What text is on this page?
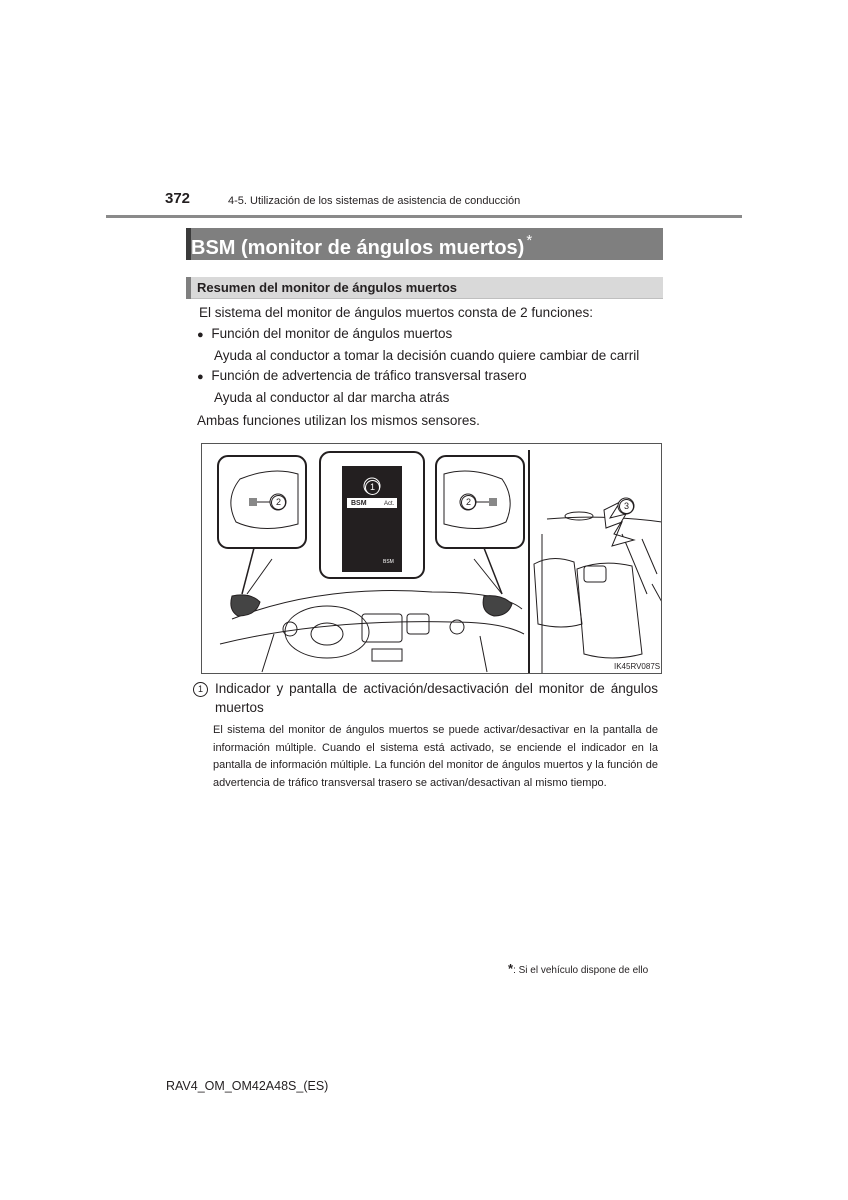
372	4-5. Utilización de los sistemas de asistencia de conducción
BSM (monitor de ángulos muertos) *
Resumen del monitor de ángulos muertos
El sistema del monitor de ángulos muertos consta de 2 funciones:
● Función del monitor de ángulos muertos
Ayuda al conductor a tomar la decisión cuando quiere cambiar de carril
● Función de advertencia de tráfico transversal trasero
Ayuda al conductor al dar marcha atrás
Ambas funciones utilizan los mismos sensores.
1
2	2	3
BSM	Act.
BSM
IK45RV087S
1 Indicador y pantalla de activación/desactivación del monitor de ángulos muertos
El sistema del monitor de ángulos muertos se puede activar/desactivar en la pantalla de información múltiple. Cuando el sistema está activado, se enciende el indicador en la pantalla de información múltiple. La función del monitor de ángulos muertos y la función de advertencia de tráfico transversal trasero se activan/desactivan al mismo tiempo.
*: Si el vehículo dispone de ello
RAV4_OM_OM42A48S_(ES)
